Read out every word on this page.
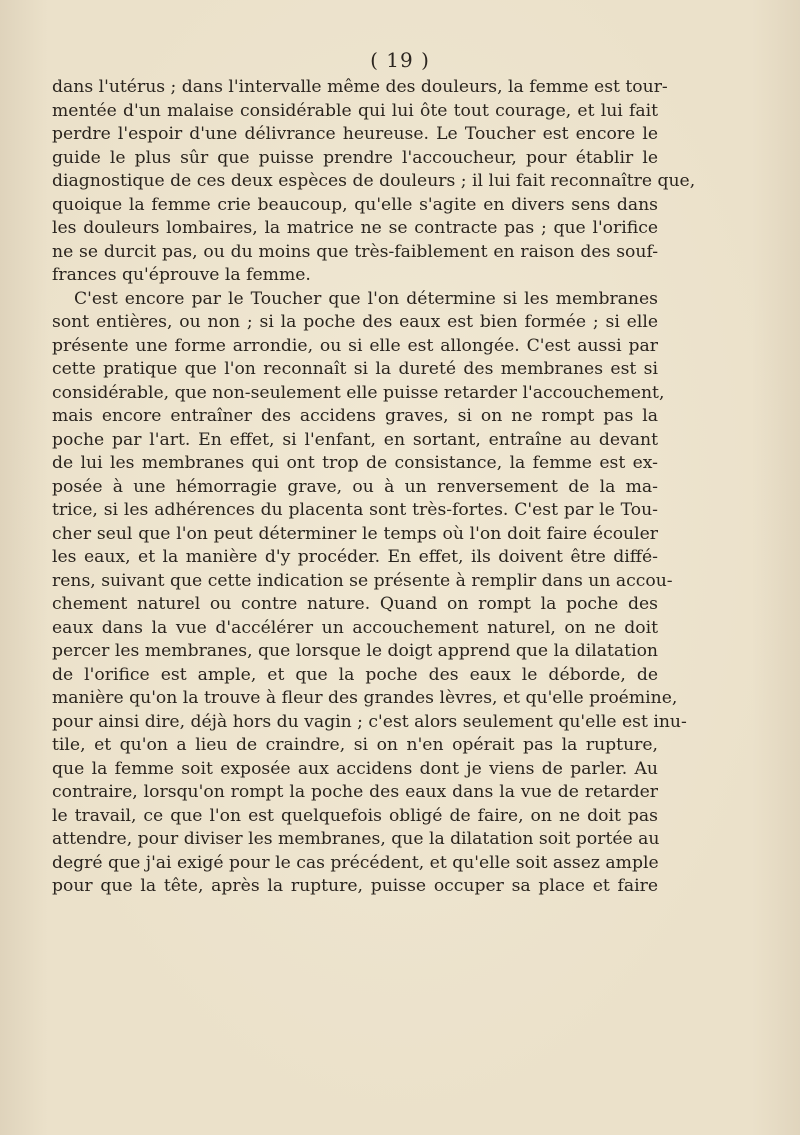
( 19 )
dans l'utérus ; dans l'intervalle même des douleurs, la femme est tour-
mentée d'un malaise considérable qui lui ôte tout courage, et lui fait
perdre l'espoir d'une délivrance heureuse. Le Toucher est encore le
guide le plus sûr que puisse prendre l'accoucheur, pour établir le
diagnostique de ces deux espèces de douleurs ; il lui fait reconnaître que,
quoique la femme crie beaucoup, qu'elle s'agite en divers sens dans
les douleurs lombaires, la matrice ne se contracte pas ; que l'orifice
ne se durcit pas, ou du moins que très-faiblement en raison des souf-
frances qu'éprouve la femme.
C'est encore par le Toucher que l'on détermine si les membranes
sont entières, ou non ; si la poche des eaux est bien formée ; si elle
présente une forme arrondie, ou si elle est allongée. C'est aussi par
cette pratique que l'on reconnaît si la dureté des membranes est si
considérable, que non-seulement elle puisse retarder l'accouchement,
mais encore entraîner des accidens graves, si on ne rompt pas la
poche par l'art. En effet, si l'enfant, en sortant, entraîne au devant
de lui les membranes qui ont trop de consistance, la femme est ex-
posée à une hémorragie grave, ou à un renversement de la ma-
trice, si les adhérences du placenta sont très-fortes. C'est par le Tou-
cher seul que l'on peut déterminer le temps où l'on doit faire écouler
les eaux, et la manière d'y procéder. En effet, ils doivent être diffé-
rens, suivant que cette indication se présente à remplir dans un accou-
chement naturel ou contre nature. Quand on rompt la poche des
eaux dans la vue d'accélérer un accouchement naturel, on ne doit
percer les membranes, que lorsque le doigt apprend que la dilatation
de l'orifice est ample, et que la poche des eaux le déborde, de
manière qu'on la trouve à fleur des grandes lèvres, et qu'elle proémine,
pour ainsi dire, déjà hors du vagin ; c'est alors seulement qu'elle est inu-
tile, et qu'on a lieu de craindre, si on n'en opérait pas la rupture,
que la femme soit exposée aux accidens dont je viens de parler. Au
contraire, lorsqu'on rompt la poche des eaux dans la vue de retarder
le travail, ce que l'on est quelquefois obligé de faire, on ne doit pas
attendre, pour diviser les membranes, que la dilatation soit portée au
degré que j'ai exigé pour le cas précédent, et qu'elle soit assez ample
pour que la tête, après la rupture, puisse occuper sa place et faire
